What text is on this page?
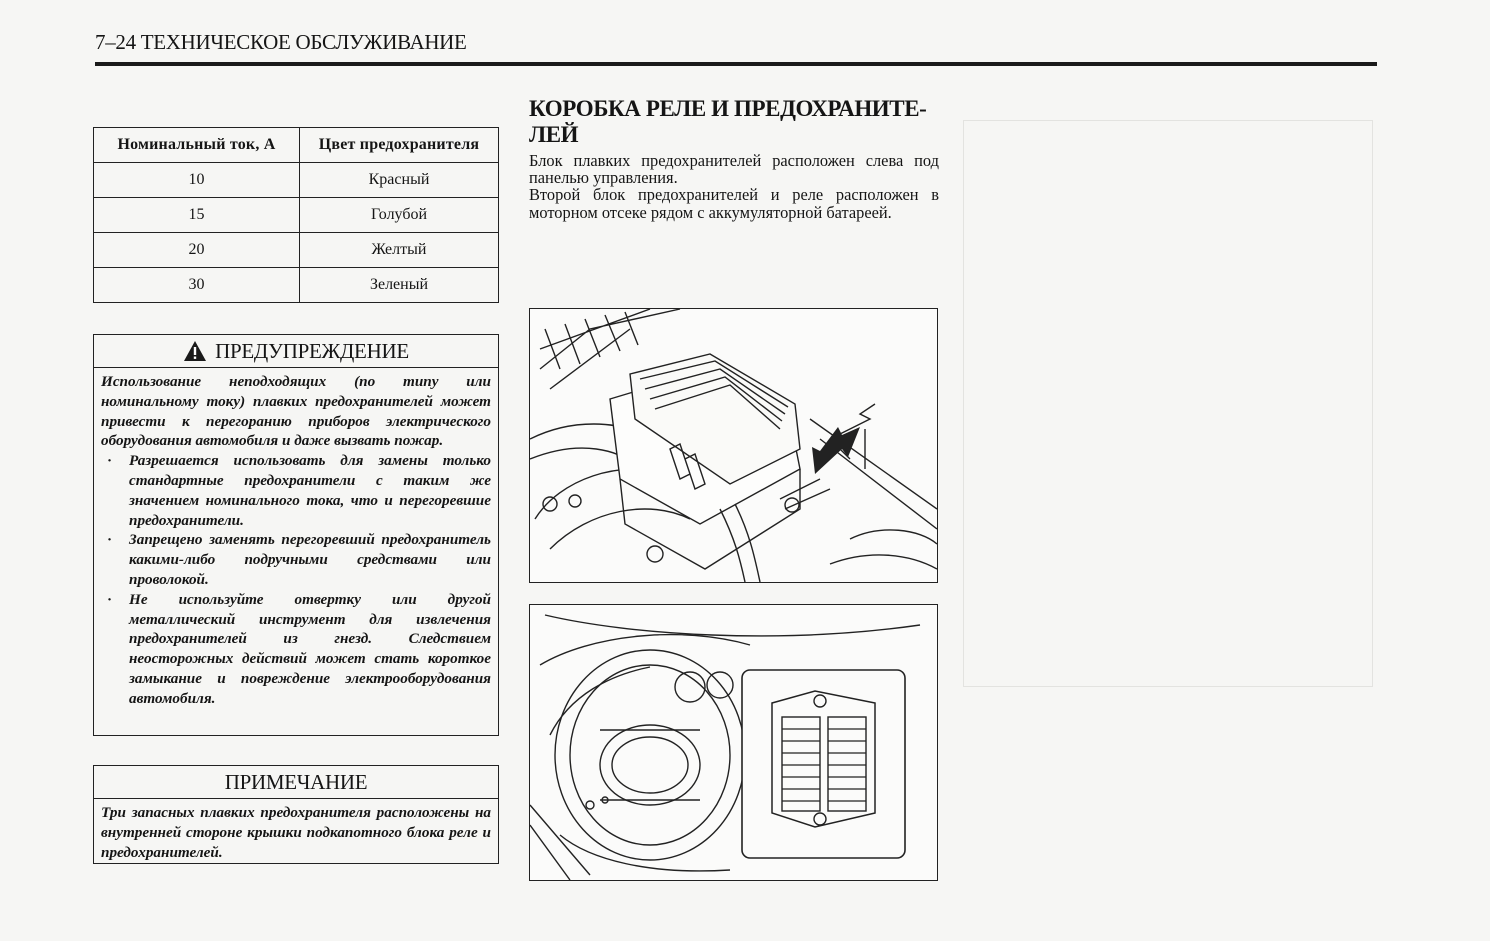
7–24 ТЕХНИЧЕСКОЕ ОБСЛУЖИВАНИЕ
Номинальный ток, А	Цвет предохранителя
10	Красный
15	Голубой
20	Желтый
30	Зеленый
ПРЕДУПРЕЖДЕНИЕ
Использование неподходящих (по типу или номинальному току) плавких предохранителей может привести к перегоранию приборов электрического оборудования автомобиля и даже вызвать пожар.
· Разрешается использовать для замены только стандартные предохранители с таким же значением номинального тока, что и перегоревшие предохранители.
· Запрещено заменять перегоревший предохранитель какими-либо подручными средствами или проволокой.
· Не используйте отвертку или другой металлический инструмент для извлечения предохранителей из гнезд. Следствием неосторожных действий может стать короткое замыкание и повреждение электрооборудования автомобиля.
ПРИМЕЧАНИЕ
Три запасных плавких предохранителя расположены на внутренней стороне крышки подкапотного блока реле и предохранителей.
КОРОБКА РЕЛЕ И ПРЕДОХРАНИТЕ-ЛЕЙ
Блок плавких предохранителей расположен слева под панелью управления.
Второй блок предохранителей и реле расположен в моторном отсеке рядом с аккумуляторной батареей.
